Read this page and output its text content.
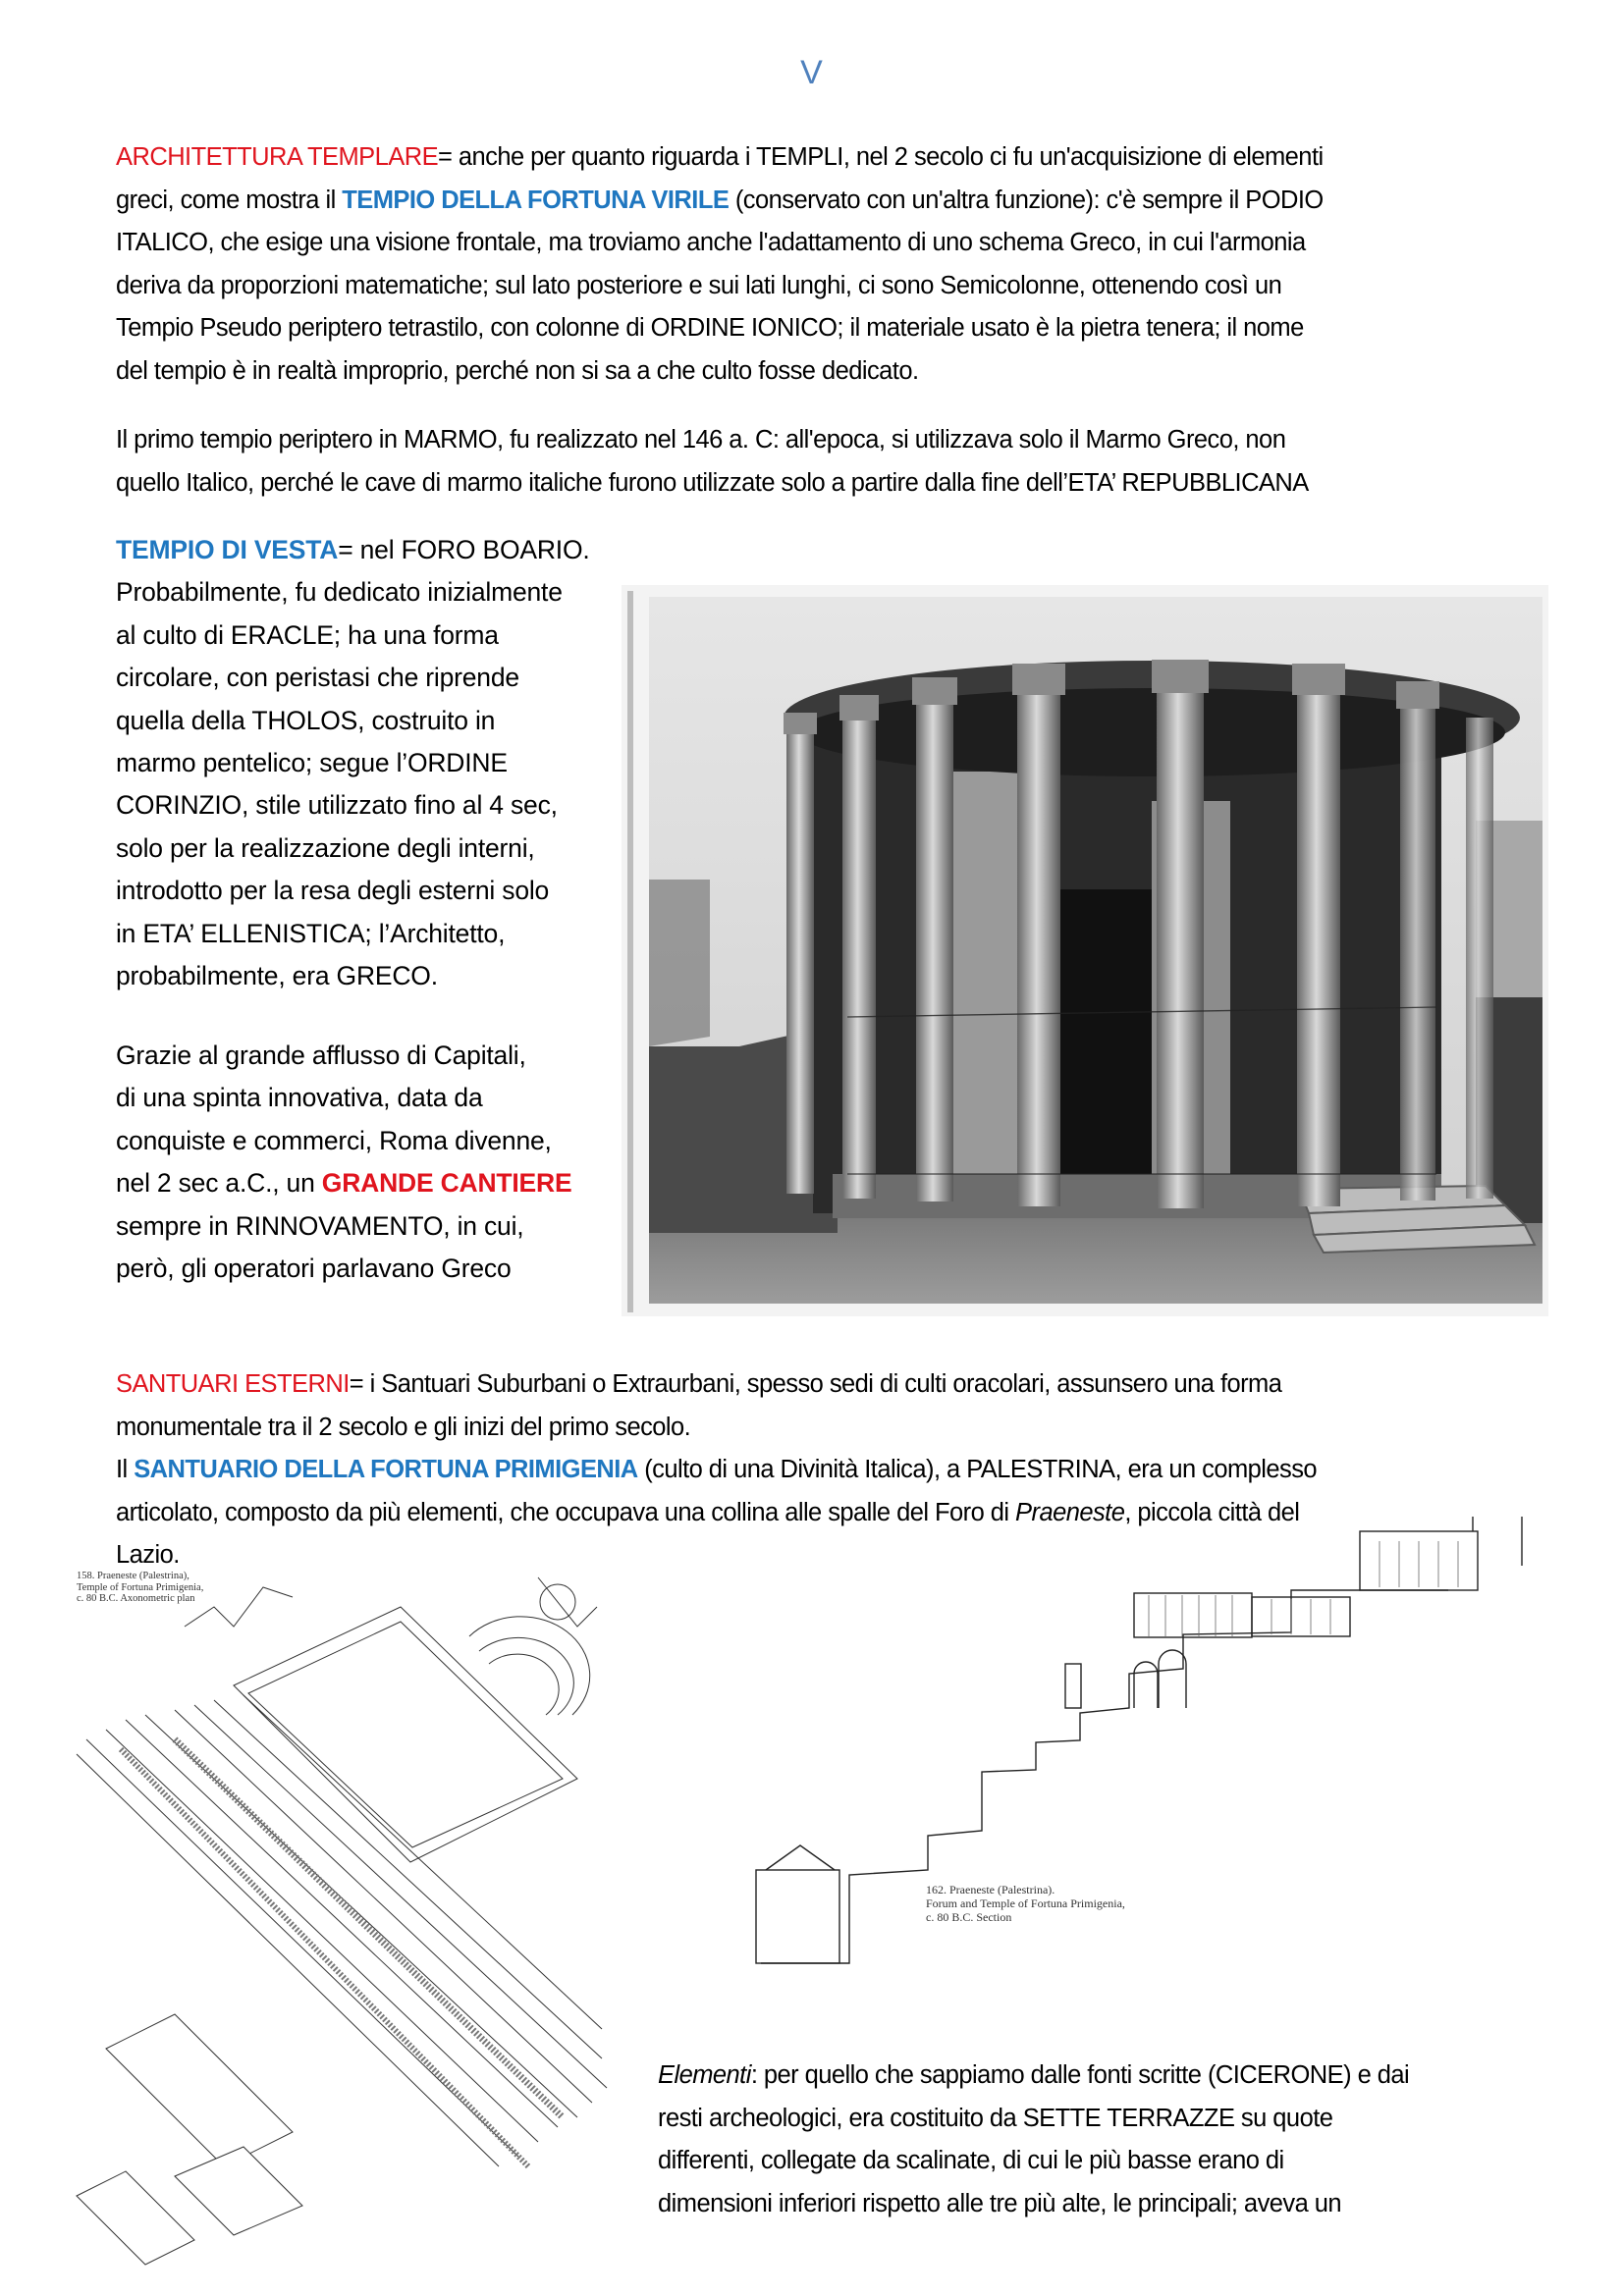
V
ARCHITETTURA TEMPLARE= anche per quanto riguarda i TEMPLI, nel 2 secolo ci fu un'acquisizione di elementi
greci, come mostra il TEMPIO DELLA FORTUNA VIRILE (conservato con un'altra funzione): c'è sempre il PODIO
ITALICO, che esige una visione frontale, ma troviamo anche l'adattamento di uno schema Greco, in cui l'armonia
deriva da proporzioni matematiche; sul lato posteriore e sui lati lunghi, ci sono Semicolonne, ottenendo così un
Tempio Pseudo periptero tetrastilo, con colonne di ORDINE IONICO; il materiale usato è la pietra tenera; il nome
del tempio è in realtà improprio, perché non si sa a che culto fosse dedicato.
Il primo tempio periptero in MARMO, fu realizzato nel 146 a. C: all'epoca, si utilizzava solo il Marmo Greco, non
quello Italico, perché le cave di marmo italiche furono utilizzate solo a partire dalla fine dell’ETA’ REPUBBLICANA
TEMPIO DI VESTA= nel FORO BOARIO.
Probabilmente, fu dedicato inizialmente
al culto di ERACLE; ha una forma
circolare, con peristasi che riprende
quella della THOLOS, costruito in
marmo pentelico; segue l’ORDINE
CORINZIO, stile utilizzato fino al 4 sec,
solo per la realizzazione degli interni,
introdotto per la resa degli esterni solo
in ETA’ ELLENISTICA; l’Architetto,
probabilmente, era GRECO.
Grazie al grande afflusso di Capitali,
di una spinta innovativa, data da
conquiste e commerci, Roma divenne,
nel 2 sec a.C., un GRANDE CANTIERE
sempre in RINNOVAMENTO, in cui,
però, gli operatori parlavano Greco
SANTUARI ESTERNI= i Santuari Suburbani o Extraurbani, spesso sedi di culti oracolari, assunsero una forma
monumentale tra il 2 secolo e gli inizi del primo secolo.
Il SANTUARIO DELLA FORTUNA PRIMIGENIA (culto di una Divinità Italica), a PALESTRINA, era un complesso
articolato, composto da più elementi, che occupava una collina alle spalle del Foro di Praeneste, piccola città del
Lazio.
158. Praeneste (Palestrina),
Temple of Fortuna Primigenia,
c. 80 B.C. Axonometric plan
162. Praeneste (Palestrina).
Forum and Temple of Fortuna Primigenia,
c. 80 B.C. Section
Elementi: per quello che sappiamo dalle fonti scritte (CICERONE) e dai
resti archeologici, era costituito da SETTE TERRAZZE su quote
differenti, collegate da scalinate, di cui le più basse erano di
dimensioni inferiori rispetto alle tre più alte, le principali; aveva un
